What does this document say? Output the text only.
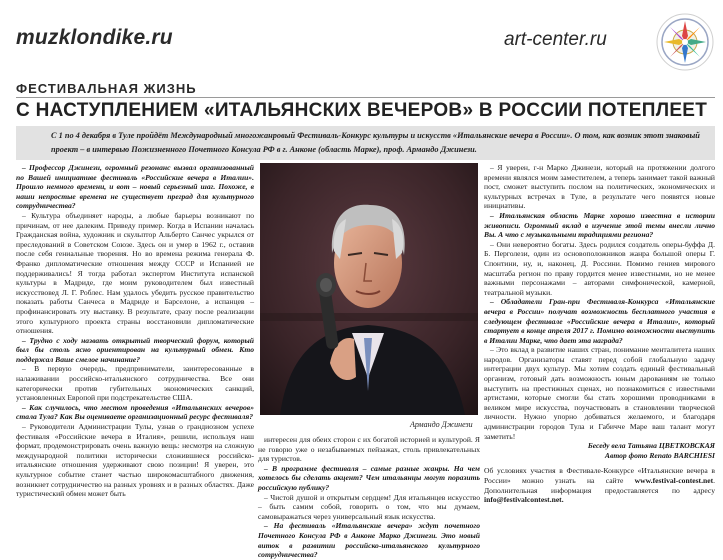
muzklondike.ru	art-center.ru
ФЕСТИВАЛЬНАЯ ЖИЗНЬ
С НАСТУПЛЕНИЕМ «ИТАЛЬЯНСКИХ ВЕЧЕРОВ» В РОССИИ ПОТЕПЛЕЕТ
С 1 по 4 декабря в Туле пройдёт Международный многожанровый Фестиваль-Конкурс культуры и искусств «Итальянские вечера в России». О том, как возник этот знаковый проект – в интервью Пожизненного Почетного Консула РФ в г. Анконе (область Марке), проф. Армандо Джинези.

– Профессор Джинези, огромный резонанс вызвал организованный по Вашей инициативе фестиваль «Российские вечера в Италии». Прошло немного времени, и вот – новый серьезный шаг. Похоже, в наши непростые времена не существует преград для культурного сотрудничества?

– Культура объединяет народы, а любые барьеры возникают по причинам, от нее далеким. Приведу пример. Когда в Испании началась Гражданская война, художник и скульптор Альберто Санчес укрылся от преследований в Советском Союзе. Здесь он и умер в 1962 г., оставив после себя гениальные творения. Но во времена режима генерала Ф. Франко дипломатические отношения между СССР и Испанией не поддерживались! Я тогда работал экспертом Института испанской культуры в Мадриде, где моим руководителем был известный искусствовед Л. Г. Роблес. Нам удалось убедить русское правительство показать работы Санчеса в Мадриде и Барселоне, а испанцев – профинансировать эту выставку. В результате, сразу после реализации этого культурного проекта страны восстановили дипломатические отношения.

– Трудно с ходу назвать открытый творческий форум, который был бы столь ясно ориентирован на культурный обмен. Кто поддержал Ваше смелое начинание?

– В первую очередь, предприниматели, заинтересованные в налаживании российско-итальянского сотрудничества. Все они категорически против губительных экономических санкций, установленных Европой при подстрекательстве США.

– Как случилось, что местом проведения «Итальянских вечеров» стала Тула? Как Вы оцениваете организационный ресурс фестиваля?

– Руководители Администрации Тулы, узнав о грандиозном успехе фестиваля «Российские вечера в Италия», решили, используя наш формат, продемонстрировать очень важную вещь: несмотря на сложную международной политики исторически сложившиеся российско-итальянские отношения удерживают свою позиции! Я уверен, это культурное событие станет частью широкомасштабного движения, возникнет сотрудничество на разных уровнях и в разных областях. Даже туристический обмен может быть

Армандо Джинези

интересен для обеих сторон с их богатой историей и культурой. Я не говорю уже о незабываемых пейзажах, столь привлекательных для туристов.

– В программе фестиваля – самые разные жанры. На чем хотелось бы сделать акцент? Чем итальянцы могут поразить российскую публику?

– Чистой душой и открытым сердцем! Для итальянцев искусство – быть самим собой, говорить о том, что мы думаем, самовыражаться через универсальный язык искусства.

– На фестиваль «Итальянские вечера» ждут почетного Почетного Консула РФ в Анконе Марко Джинези. Это новый виток в развитии российско-итальянского культурного сотрудничества?

– Я уверен, г-н Марко Джинези, который на протяжении долгого времени являлся моим заместителем, а теперь занимает такой важный пост, сможет выступить послом на политических, экономических и культурных встречах в Туле, в результате чего появятся новые инициативы.

– Итальянская область Марке хорошо известна в истории живописи. Огромный вклад в изучение этой темы внесли лично Вы. А что с музыкальными традициями региона?

– Они невероятно богаты. Здесь родился создатель оперы-буффа Д. Б. Перголези, один из основоположников жанра большой оперы Г. Спонтини, ну, и, наконец, Д. Россини. Помимо гениев мирового масштаба регион по праву гордится менее известными, но не менее важными персонажами – авторами симфонической, камерной, театральной музыки.

– Обладатели Гран-при Фестиваля-Конкурса «Итальянские вечера в России» получат возможность бесплатного участия в следующем фестивале «Российские вечера в Италии», который стартует в конце апреля 2017 г. Помимо возможности выступить в Италии Марке, что дает эта награда?

– Это вклад в развитие наших стран, понимание менталитета наших народов. Организаторы ставят перед собой глобальную задачу интеграции двух культур. Мы хотим создать единый фестивальный организм, готовый дать возможность юным дарованиям не только выступить на престижных сценах, но познакомиться с известными артистами, которые смогли бы стать хорошими проводниками в великом мире искусства, поучаствовать в становлении творческой личности. Нужно упорно добиваться желаемого, и благодаря администрации городов Тула и Габиччe Маре ваш талант могут заметить!

Беседу вела Татьяна ЦВЕТКОВСКАЯ

Автор фото Renato BARCHIESI

Об условиях участия в Фестивале-Конкурсе «Итальянские вечера в России» можно узнать на сайте www.festival-contest.net. Дополнительная информация предоставляется по адресу info@festivalcontest.net.
